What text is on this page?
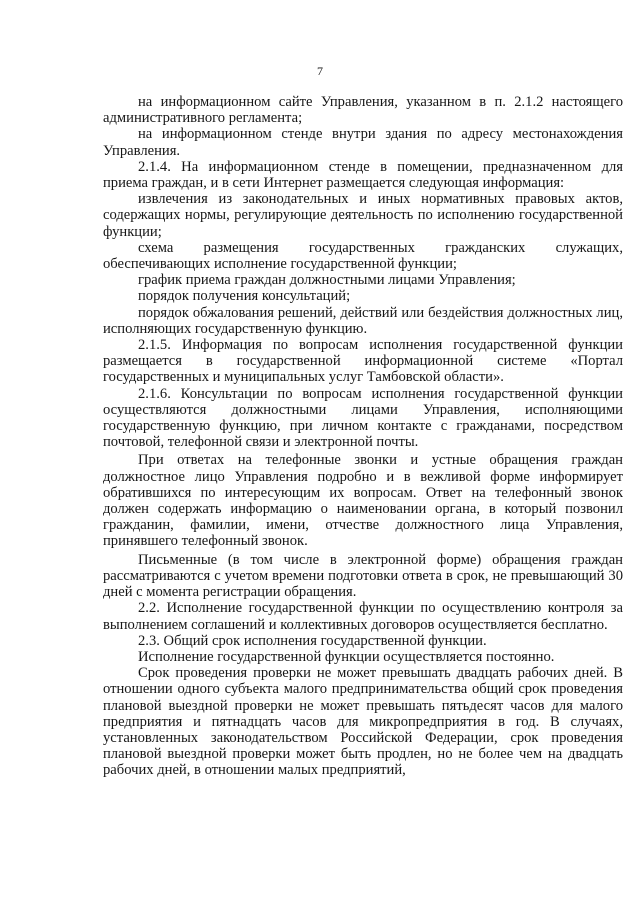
7

на информационном сайте Управления, указанном в п. 2.1.2 настоящего административного регламента;

на информационном стенде внутри здания по адресу местонахождения Управления.

2.1.4. На информационном стенде в помещении, предназначенном для приема граждан, и в сети Интернет размещается следующая информация:

извлечения из законодательных и иных нормативных правовых актов, содержащих нормы, регулирующие деятельность по исполнению государственной функции;

схема размещения государственных гражданских служащих, обеспечивающих исполнение государственной функции;

график приема граждан должностными лицами Управления;

порядок получения консультаций;

порядок обжалования решений, действий или бездействия должностных лиц, исполняющих государственную функцию.

2.1.5. Информация по вопросам исполнения государственной функции размещается в государственной информационной системе «Портал государственных и муниципальных услуг Тамбовской области».

2.1.6. Консультации по вопросам исполнения государственной функции осуществляются должностными лицами Управления, исполняющими государственную функцию, при личном контакте с гражданами, посредством почтовой, телефонной связи и электронной почты.

При ответах на телефонные звонки и устные обращения граждан должностное лицо Управления подробно и в вежливой форме информирует обратившихся по интересующим их вопросам. Ответ на телефонный звонок должен содержать информацию о наименовании органа, в который позвонил гражданин, фамилии, имени, отчестве должностного лица Управления, принявшего телефонный звонок.

Письменные (в том числе в электронной форме) обращения граждан рассматриваются с учетом времени подготовки ответа в срок, не превышающий 30 дней с момента регистрации обращения.

2.2. Исполнение государственной функции по осуществлению контроля за выполнением соглашений и коллективных договоров осуществляется бесплатно.

2.3. Общий срок исполнения государственной функции.

Исполнение государственной функции осуществляется постоянно.

Срок проведения проверки не может превышать двадцать рабочих дней. В отношении одного субъекта малого предпринимательства общий срок проведения плановой выездной проверки не может превышать пятьдесят часов для малого предприятия и пятнадцать часов для микропредприятия в год. В случаях, установленных законодательством Российской Федерации, срок проведения плановой выездной проверки может быть продлен, но не более чем на двадцать рабочих дней, в отношении малых предприятий,
